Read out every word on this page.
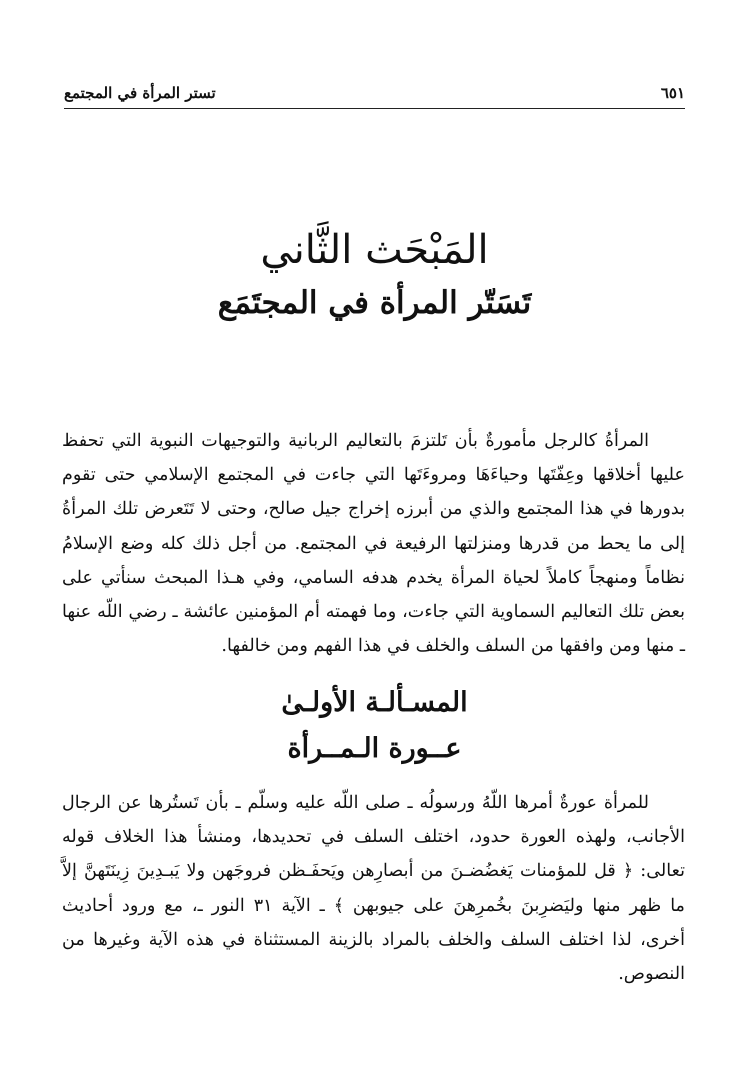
٦٥١
تستر المرأة في المجتمع
المَبْحَث الثَّاني
تَسَتّر المرأة في المجتَمَع

المرأةُ كالرجل مأمورةٌ بأن تَلتزمَ بالتعاليم الربانية والتوجيهات النبوية التي تحفظ عليها أخلاقها وعِفّتَها وحياءَهَا ومروءَتَها التي جاءت في المجتمع الإسلامي حتى تقوم بدورها في هذا المجتمع والذي من أبرزه إخراج جيل صالح، وحتى لا تَتَعرض تلك المرأةُ إلى ما يحط من قدرها ومنزلتها الرفيعة في المجتمع. من أجل ذلك كله وضع الإسلامُ نظاماً ومنهجاً كاملاً لحياة المرأة يخدم هدفه السامي، وفي هـذا المبحث سنأتي على بعض تلك التعاليم السماوية التي جاءت، وما فهمته أم المؤمنين عائشة ـ رضي اللّه عنها ـ منها ومن وافقها من السلف والخلف في هذا الفهم ومن خالفها.

المسـألـة الأولـىٰ
عــورة الـمــرأة

للمرأة عورةٌ أمرها اللّهُ ورسولُه ـ صلى اللّه عليه وسلّم ـ بأن تَستُرها عن الرجال الأجانب، ولهذه العورة حدود، اختلف السلف في تحديدها، ومنشأ هذا الخلاف قوله تعالى: ﴿ قل للمؤمنات يَغضُضـنَ من أبصارِهن ويَحفَـظن فروجَهن ولا يَبـدِينَ زِينَتَهنَّ إلاَّ ما ظهر منها وليَضرِبنَ بخُمرِهنَ على جيوبهن ﴾ ـ الآية ٣١ النور ـ، مع ورود أحاديث أخرى، لذا اختلف السلف والخلف بالمراد بالزينة المستثناة في هذه الآية وغيرها من النصوص.
